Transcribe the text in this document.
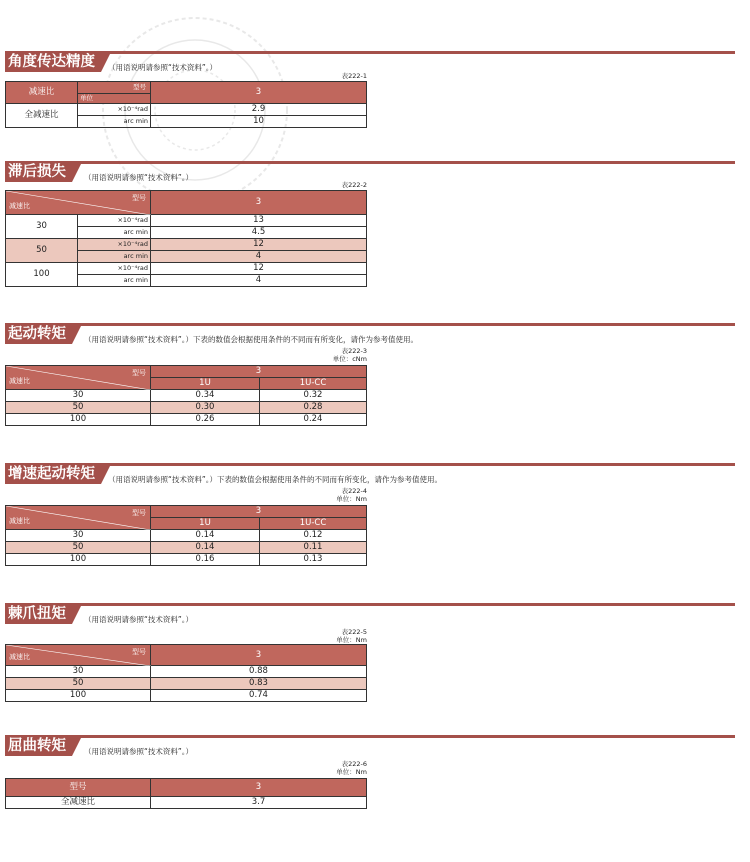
角度传达精度	（用语说明请参照“技术资料”。）
表222-1
减速比	型号	3
	单位	
全减速比	×10⁻⁴rad	2.9
	arc min	10
滞后损失	（用语说明请参照“技术资料”。）
表222-2
型号
减速比		3
30	×10⁻⁴rad	13
	arc min	4.5
50	×10⁻⁴rad	12
	arc min	4
100	×10⁻⁴rad	12
	arc min	4
起动转矩	（用语说明请参照“技术资料”。）下表的数值会根据使用条件的不同而有所变化，请作为参考值使用。
表222-3
单位：cNm
型号
减速比	3	
	1U	1U-CC
30	0.34	0.32
50	0.30	0.28
100	0.26	0.24
增速起动转矩	（用语说明请参照“技术资料”。）下表的数值会根据使用条件的不同而有所变化，请作为参考值使用。
表222-4
单位：Nm
型号
减速比	3	
	1U	1U-CC
30	0.14	0.12
50	0.14	0.11
100	0.16	0.13
棘爪扭矩	（用语说明请参照“技术资料”。）
表222-5
单位：Nm
型号
减速比	3
30	0.88
50	0.83
100	0.74
屈曲转矩	（用语说明请参照“技术资料”。）
表222-6
单位：Nm
型号	3
全减速比	3.7
